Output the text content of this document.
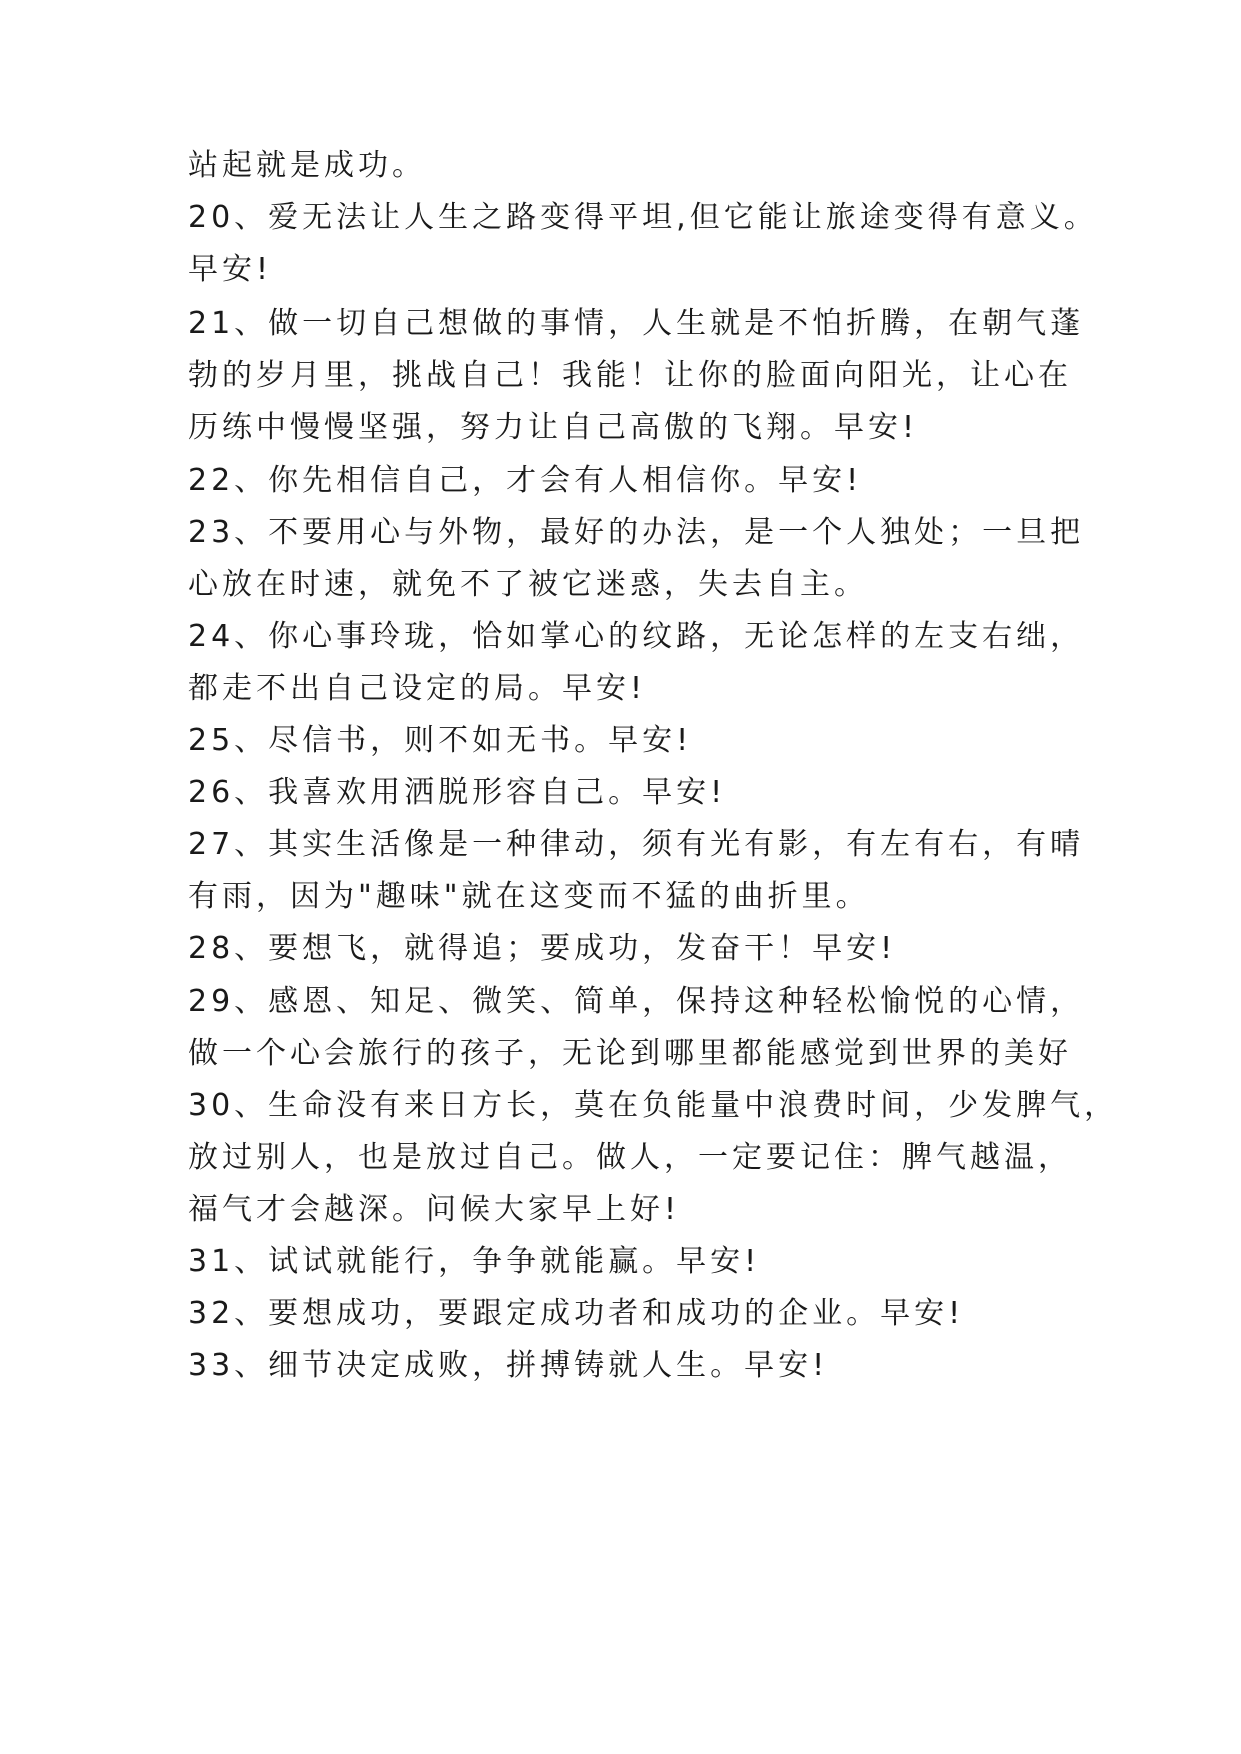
站起就是成功。
20、爱无法让人生之路变得平坦,但它能让旅途变得有意义。
早安!
21、做一切自己想做的事情，人生就是不怕折腾，在朝气蓬
勃的岁月里，挑战自己！我能！让你的脸面向阳光，让心在
历练中慢慢坚强，努力让自己高傲的飞翔。早安!
22、你先相信自己，才会有人相信你。早安!
23、不要用心与外物，最好的办法，是一个人独处；一旦把
心放在时速，就免不了被它迷惑，失去自主。
24、你心事玲珑，恰如掌心的纹路，无论怎样的左支右绌，
都走不出自己设定的局。早安!
25、尽信书，则不如无书。早安!
26、我喜欢用洒脱形容自己。早安!
27、其实生活像是一种律动，须有光有影，有左有右，有晴
有雨，因为"趣味"就在这变而不猛的曲折里。
28、要想飞，就得追；要成功，发奋干！早安!
29、感恩、知足、微笑、简单，保持这种轻松愉悦的心情，
做一个心会旅行的孩子，无论到哪里都能感觉到世界的美好
30、生命没有来日方长，莫在负能量中浪费时间，少发脾气，
放过别人，也是放过自己。做人，一定要记住：脾气越温，
福气才会越深。问候大家早上好!
31、试试就能行，争争就能赢。早安!
32、要想成功，要跟定成功者和成功的企业。早安!
33、细节决定成败，拼搏铸就人生。早安!
